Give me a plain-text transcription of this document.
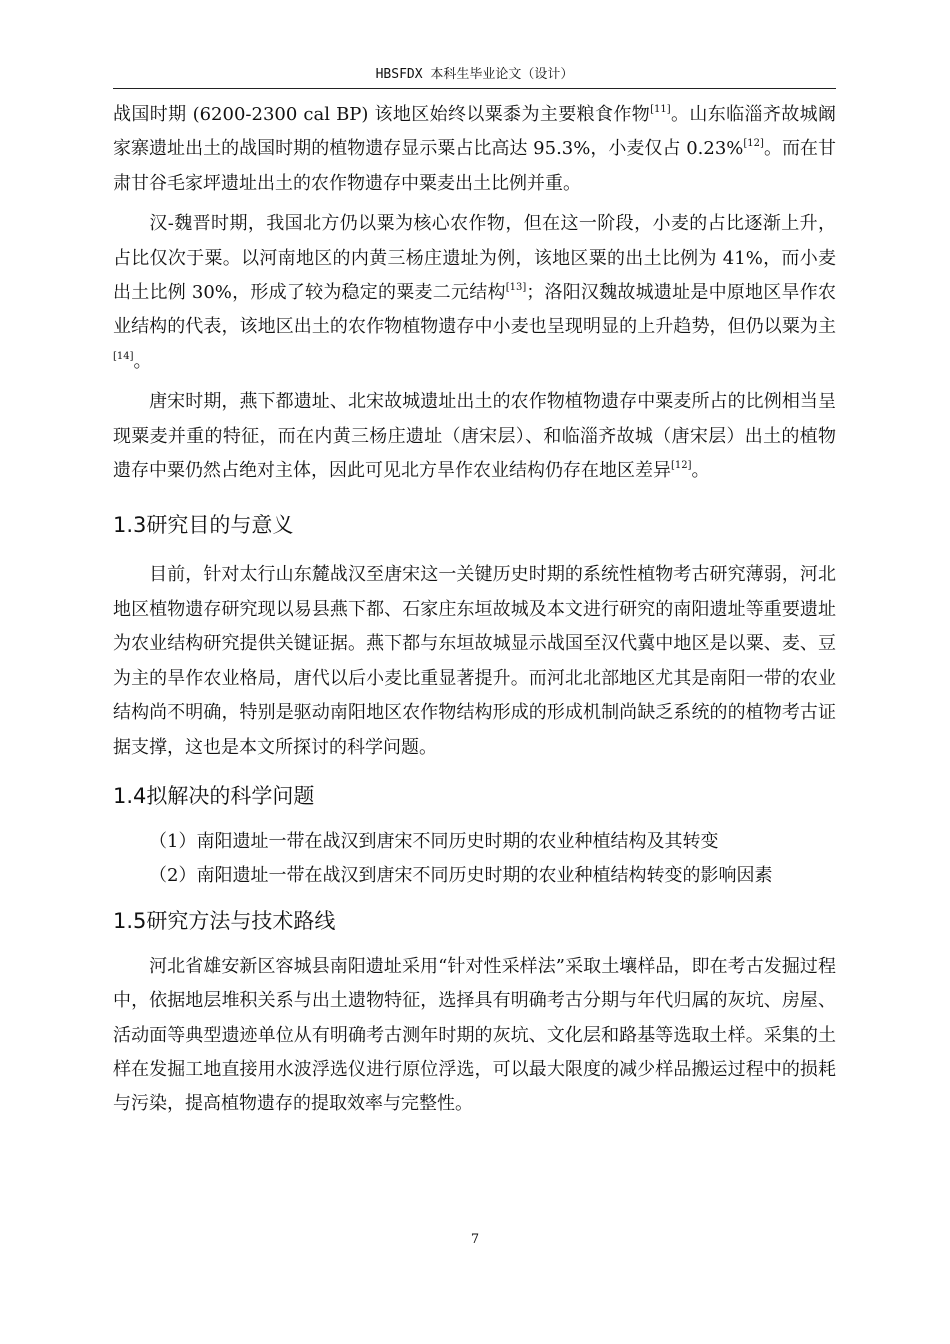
HBSFDX 本科生毕业论文（设计）

战国时期 (6200-2300 cal BP) 该地区始终以粟黍为主要粮食作物[11]。山东临淄齐故城阚家寨遗址出土的战国时期的植物遗存显示粟占比高达 95.3%，小麦仅占 0.23%[12]。而在甘肃甘谷毛家坪遗址出土的农作物遗存中粟麦出土比例并重。

汉-魏晋时期，我国北方仍以粟为核心农作物，但在这一阶段，小麦的占比逐渐上升，占比仅次于粟。以河南地区的内黄三杨庄遗址为例，该地区粟的出土比例为 41%，而小麦出土比例 30%，形成了较为稳定的粟麦二元结构[13]；洛阳汉魏故城遗址是中原地区旱作农业结构的代表，该地区出土的农作物植物遗存中小麦也呈现明显的上升趋势，但仍以粟为主[14]。

唐宋时期，燕下都遗址、北宋故城遗址出土的农作物植物遗存中粟麦所占的比例相当呈现粟麦并重的特征，而在内黄三杨庄遗址（唐宋层）、和临淄齐故城（唐宋层）出土的植物遗存中粟仍然占绝对主体，因此可见北方旱作农业结构仍存在地区差异[12]。

1.3研究目的与意义

目前，针对太行山东麓战汉至唐宋这一关键历史时期的系统性植物考古研究薄弱，河北地区植物遗存研究现以易县燕下都、石家庄东垣故城及本文进行研究的南阳遗址等重要遗址为农业结构研究提供关键证据。燕下都与东垣故城显示战国至汉代冀中地区是以粟、麦、豆为主的旱作农业格局，唐代以后小麦比重显著提升。而河北北部地区尤其是南阳一带的农业结构尚不明确，特别是驱动南阳地区农作物结构形成的形成机制尚缺乏系统的的植物考古证据支撑，这也是本文所探讨的科学问题。

1.4拟解决的科学问题

（1）南阳遗址一带在战汉到唐宋不同历史时期的农业种植结构及其转变

（2）南阳遗址一带在战汉到唐宋不同历史时期的农业种植结构转变的影响因素

1.5研究方法与技术路线

河北省雄安新区容城县南阳遗址采用“针对性采样法”采取土壤样品，即在考古发掘过程中，依据地层堆积关系与出土遗物特征，选择具有明确考古分期与年代归属的灰坑、房屋、活动面等典型遗迹单位从有明确考古测年时期的灰坑、文化层和路基等选取土样。采集的土样在发掘工地直接用水波浮选仪进行原位浮选，可以最大限度的减少样品搬运过程中的损耗与污染，提高植物遗存的提取效率与完整性。

7
